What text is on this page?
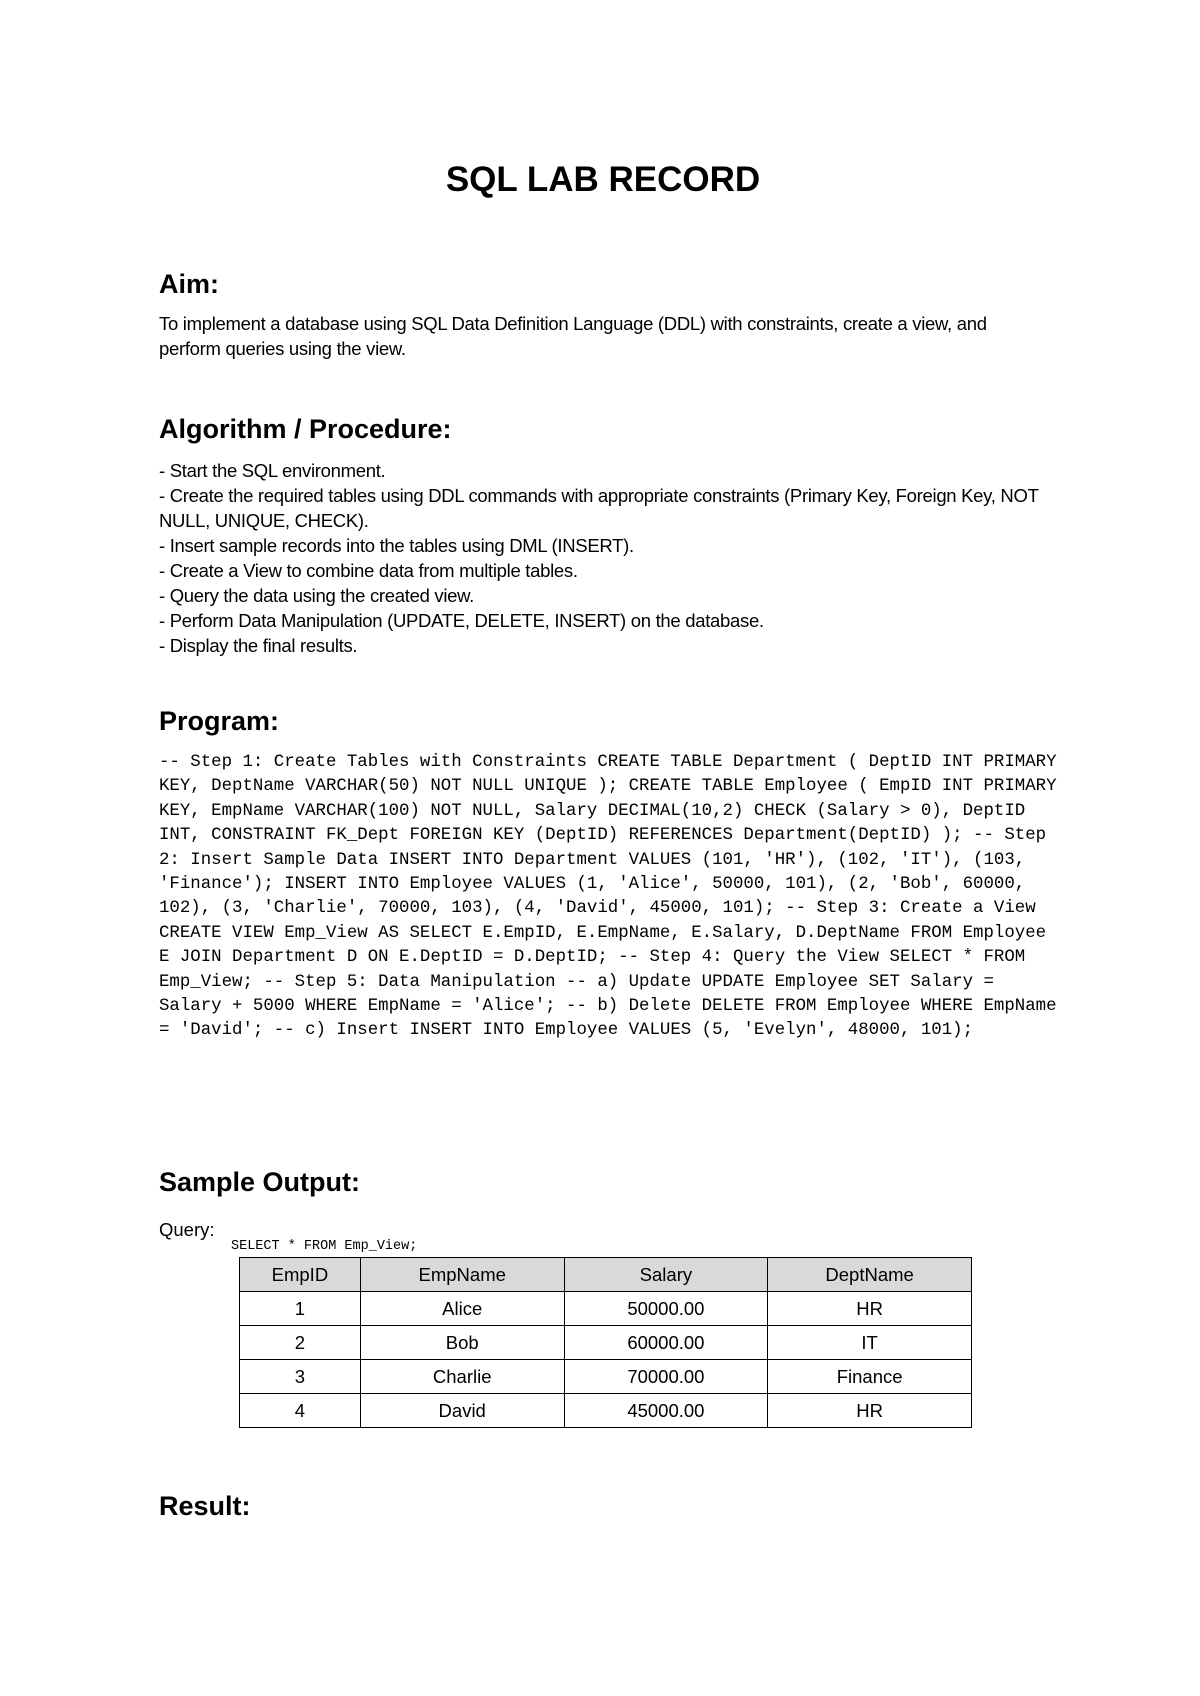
SQL LAB RECORD
Aim:

To implement a database using SQL Data Definition Language (DDL) with constraints, create a view, and perform queries using the view.

Algorithm / Procedure:
- Start the SQL environment.
- Create the required tables using DDL commands with appropriate constraints (Primary Key, Foreign Key, NOT NULL, UNIQUE, CHECK).
- Insert sample records into the tables using DML (INSERT).
- Create a View to combine data from multiple tables.
- Query the data using the created view.
- Perform Data Manipulation (UPDATE, DELETE, INSERT) on the database.
- Display the final results.
Program:

-- Step 1: Create Tables with Constraints CREATE TABLE Department ( DeptID INT PRIMARY KEY, DeptName VARCHAR(50) NOT NULL UNIQUE ); CREATE TABLE Employee ( EmpID INT PRIMARY KEY, EmpName VARCHAR(100) NOT NULL, Salary DECIMAL(10,2) CHECK (Salary > 0), DeptID INT, CONSTRAINT FK_Dept FOREIGN KEY (DeptID) REFERENCES Department(DeptID) ); -- Step 2: Insert Sample Data INSERT INTO Department VALUES (101, 'HR'), (102, 'IT'), (103, 'Finance'); INSERT INTO Employee VALUES (1, 'Alice', 50000, 101), (2, 'Bob', 60000, 102), (3, 'Charlie', 70000, 103), (4, 'David', 45000, 101); -- Step 3: Create a View CREATE VIEW Emp_View AS SELECT E.EmpID, E.EmpName, E.Salary, D.DeptName FROM Employee E JOIN Department D ON E.DeptID = D.DeptID; -- Step 4: Query the View SELECT * FROM Emp_View; -- Step 5: Data Manipulation -- a) Update UPDATE Employee SET Salary = Salary + 5000 WHERE EmpName = 'Alice'; -- b) Delete DELETE FROM Employee WHERE EmpName = 'David'; -- c) Insert INSERT INTO Employee VALUES (5, 'Evelyn', 48000, 101);

Sample Output:
Query:
SELECT * FROM Emp_View;
EmpID	EmpName	Salary	DeptName
1	Alice	50000.00	HR
2	Bob	60000.00	IT
3	Charlie	70000.00	Finance
4	David	45000.00	HR
Result:
